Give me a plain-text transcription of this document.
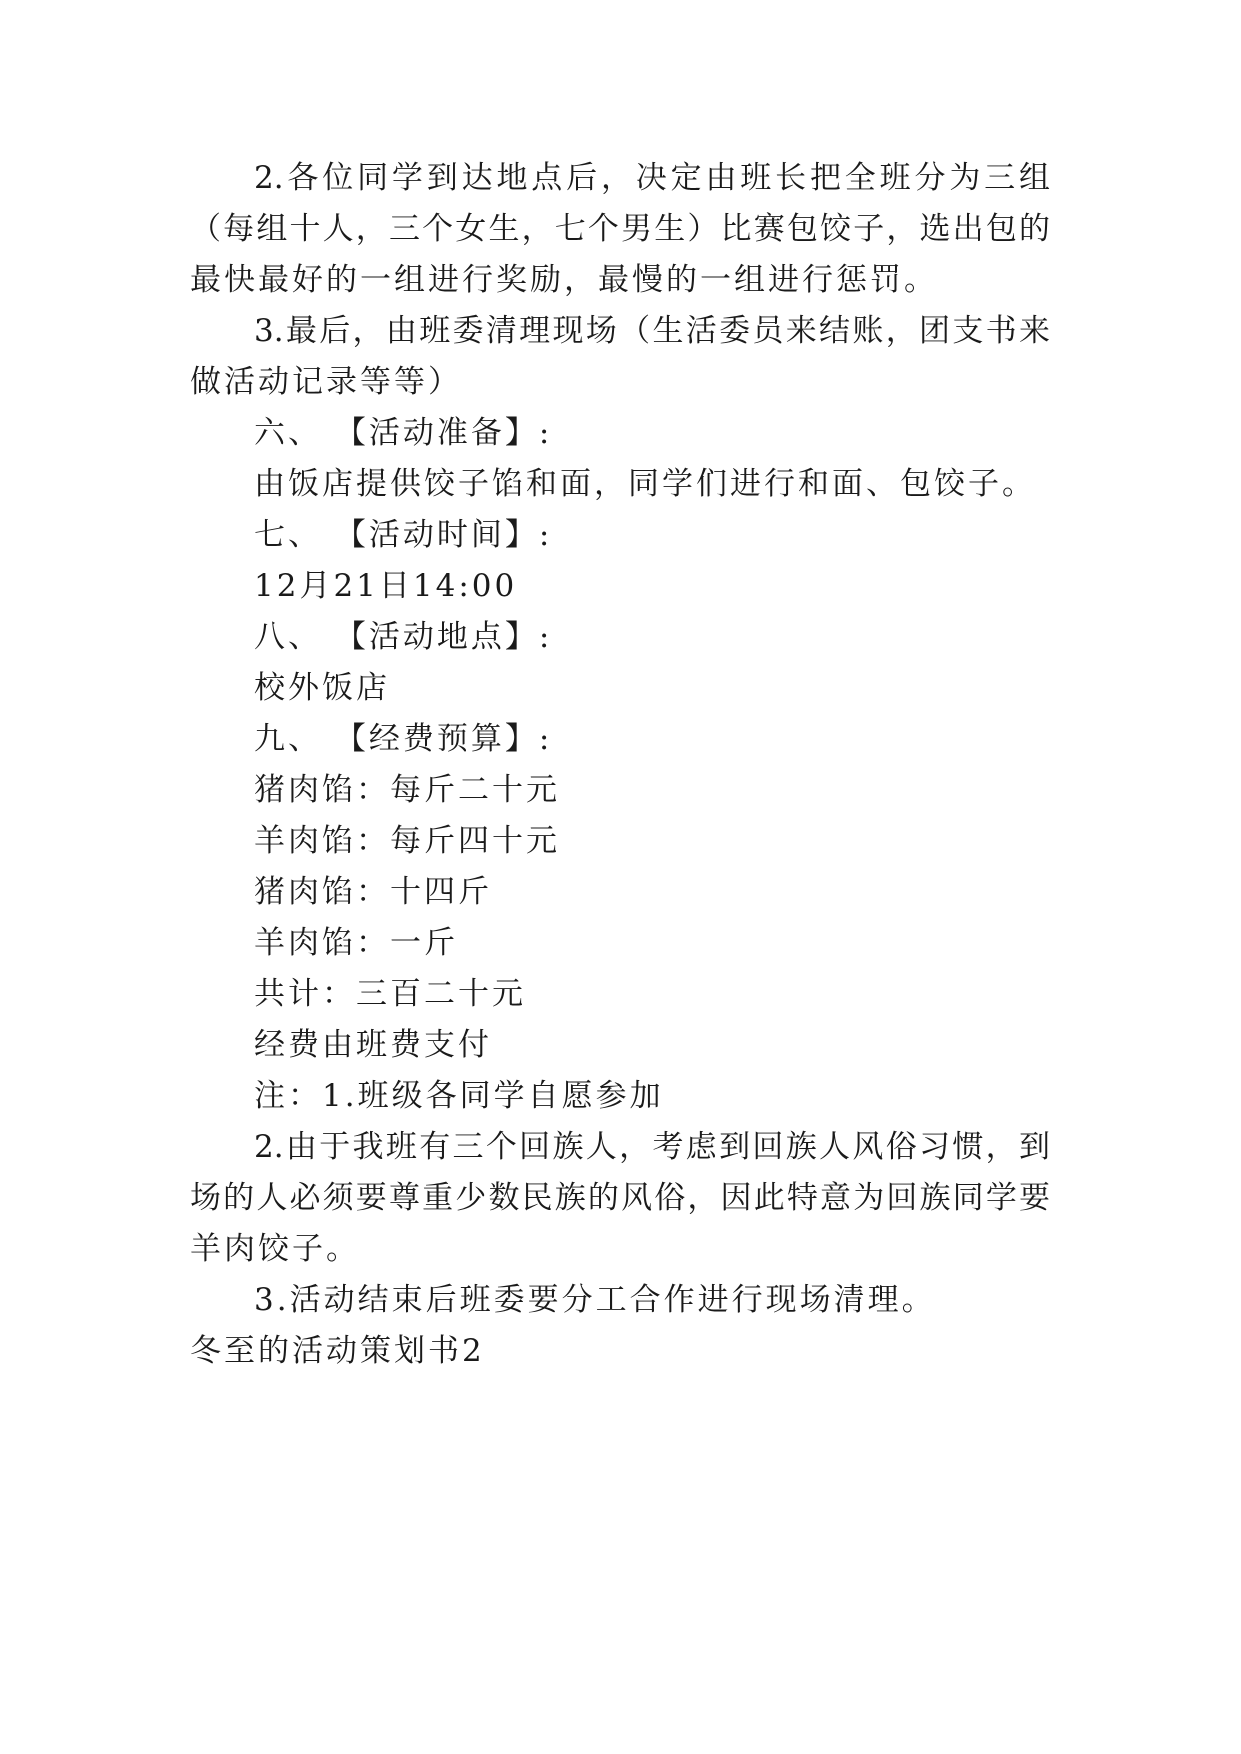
2.各位同学到达地点后，决定由班长把全班分为三组
（每组十人，三个女生，七个男生）比赛包饺子，选出包的
最快最好的一组进行奖励，最慢的一组进行惩罚。
3.最后，由班委清理现场（生活委员来结账，团支书来
做活动记录等等）
六、 【活动准备】:
由饭店提供饺子馅和面，同学们进行和面、包饺子。
七、 【活动时间】:
12月21日14:00
八、 【活动地点】:
校外饭店
九、 【经费预算】:
猪肉馅：每斤二十元
羊肉馅：每斤四十元
猪肉馅：十四斤
羊肉馅：一斤
共计：三百二十元
经费由班费支付
注：1.班级各同学自愿参加
2.由于我班有三个回族人，考虑到回族人风俗习惯，到
场的人必须要尊重少数民族的风俗，因此特意为回族同学要
羊肉饺子。
3.活动结束后班委要分工合作进行现场清理。
冬至的活动策划书2
